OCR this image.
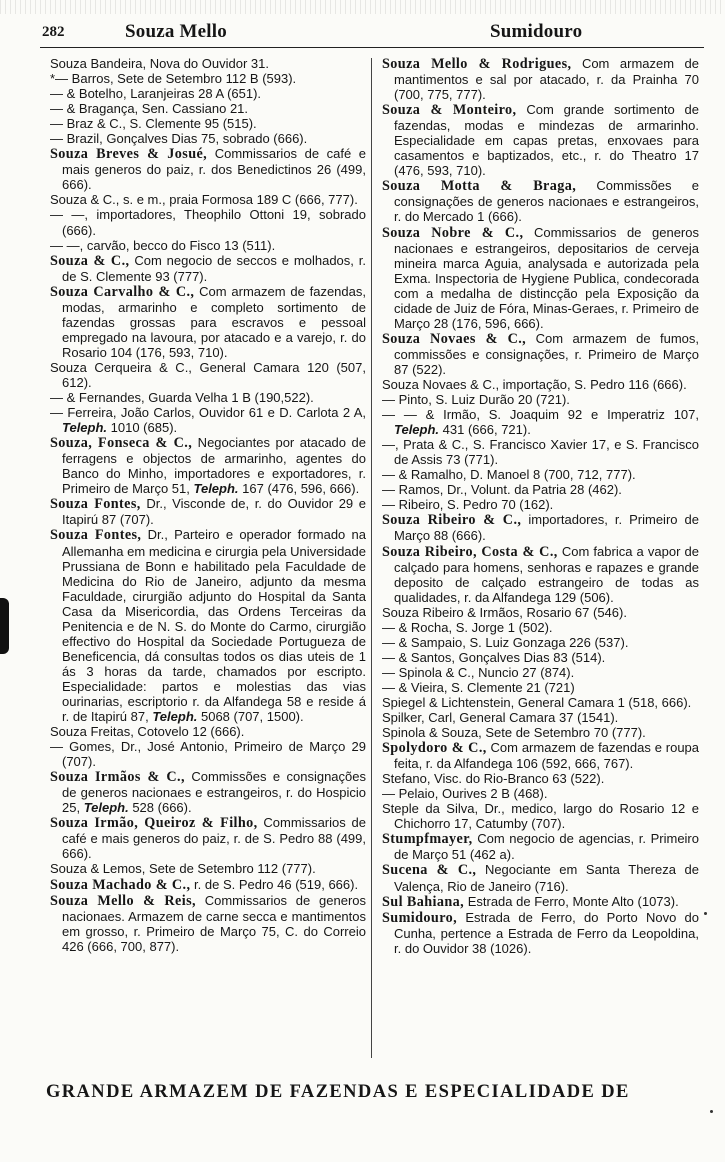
282	Souza Mello	Sumidouro

Souza Bandeira, Nova do Ouvidor 31.

*— Barros, Sete de Setembro 112 B (593).

— & Botelho, Laranjeiras 28 A (651).

— & Bragança, Sen. Cassiano 21.

— Braz & C., S. Clemente 95 (515).

— Brazil, Gonçalves Dias 75, sobrado (666).

Souza Breves & Josué, Commissarios de café e mais generos do paiz, r. dos Benedictinos 26 (499, 666).

Souza & C., s. e m., praia Formosa 189 C (666, 777).

— —, importadores, Theophilo Ottoni 19, sobrado (666).

— —, carvão, becco do Fisco 13 (511).

Souza & C., Com negocio de seccos e molhados, r. de S. Clemente 93 (777).

Souza Carvalho & C., Com armazem de fazendas, modas, armarinho e completo sortimento de fazendas grossas para escravos e pessoal empregado na lavoura, por atacado e a varejo, r. do Rosario 104 (176, 593, 710).

Souza Cerqueira & C., General Camara 120 (507, 612).

— & Fernandes, Guarda Velha 1 B (190,522).

— Ferreira, João Carlos, Ouvidor 61 e D. Carlota 2 A, Teleph. 1010 (685).

Souza, Fonseca & C., Negociantes por atacado de ferragens e objectos de armarinho, agentes do Banco do Minho, importadores e exportadores, r. Primeiro de Março 51, Teleph. 167 (476, 596, 666).

Souza Fontes, Dr., Visconde de, r. do Ouvidor 29 e Itapirú 87 (707).

Souza Fontes, Dr., Parteiro e operador formado na Allemanha em medicina e cirurgia pela Universidade Prussiana de Bonn e habilitado pela Faculdade de Medicina do Rio de Janeiro, adjunto da mesma Faculdade, cirurgião adjunto do Hospital da Santa Casa da Misericordia, das Ordens Terceiras da Penitencia e de N. S. do Monte do Carmo, cirurgião effectivo do Hospital da Sociedade Portugueza de Beneficencia, dá consultas todos os dias uteis de 1 ás 3 horas da tarde, chamados por escripto. Especialidade: partos e molestias das vias ourinarias, escriptorio r. da Alfandega 58 e reside á r. de Itapirú 87, Teleph. 5068 (707, 1500).

Souza Freitas, Cotovelo 12 (666).

— Gomes, Dr., José Antonio, Primeiro de Março 29 (707).

Souza Irmãos & C., Commissões e consignações de generos nacionaes e estrangeiros, r. do Hospicio 25, Teleph. 528 (666).

Souza Irmão, Queiroz & Filho, Commissarios de café e mais generos do paiz, r. de S. Pedro 88 (499, 666).

Souza & Lemos, Sete de Setembro 112 (777).

Souza Machado & C., r. de S. Pedro 46 (519, 666).

Souza Mello & Reis, Commissarios de generos nacionaes. Armazem de carne secca e mantimentos em grosso, r. Primeiro de Março 75, C. do Correio 426 (666, 700, 877).

Souza Mello & Rodrigues, Com armazem de mantimentos e sal por atacado, r. da Prainha 70 (700, 775, 777).

Souza & Monteiro, Com grande sortimento de fazendas, modas e mindezas de armarinho. Especialidade em capas pretas, enxovaes para casamentos e baptizados, etc., r. do Theatro 17 (476, 593, 710).

Souza Motta & Braga, Commissões e consignações de generos nacionaes e estrangeiros, r. do Mercado 1 (666).

Souza Nobre & C., Commissarios de generos nacionaes e estrangeiros, depositarios de cerveja mineira marca Aguia, analysada e autorizada pela Exma. Inspectoria de Hygiene Publica, condecorada com a medalha de distincção pela Exposição da cidade de Juiz de Fóra, Minas-Geraes, r. Primeiro de Março 28 (176, 596, 666).

Souza Novaes & C., Com armazem de fumos, commissões e consignações, r. Primeiro de Março 87 (522).

Souza Novaes & C., importação, S. Pedro 116 (666).

— Pinto, S. Luiz Durão 20 (721).

— — & Irmão, S. Joaquim 92 e Imperatriz 107, Teleph. 431 (666, 721).

—, Prata & C., S. Francisco Xavier 17, e S. Francisco de Assis 73 (771).

— & Ramalho, D. Manoel 8 (700, 712, 777).

— Ramos, Dr., Volunt. da Patria 28 (462).

— Ribeiro, S. Pedro 70 (162).

Souza Ribeiro & C., importadores, r. Primeiro de Março 88 (666).

Souza Ribeiro, Costa & C., Com fabrica a vapor de calçado para homens, senhoras e rapazes e grande deposito de calçado estrangeiro de todas as qualidades, r. da Alfandega 129 (506).

Souza Ribeiro & Irmãos, Rosario 67 (546).

— & Rocha, S. Jorge 1 (502).

— & Sampaio, S. Luiz Gonzaga 226 (537).

— & Santos, Gonçalves Dias 83 (514).

— Spinola & C., Nuncio 27 (874).

— & Vieira, S. Clemente 21 (721)

Spiegel & Lichtenstein, General Camara 1 (518, 666).

Spilker, Carl, General Camara 37 (1541).

Spinola & Souza, Sete de Setembro 70 (777).

Spolydoro & C., Com armazem de fazendas e roupa feita, r. da Alfandega 106 (592, 666, 767).

Stefano, Visc. do Rio-Branco 63 (522).

— Pelaio, Ourives 2 B (468).

Steple da Silva, Dr., medico, largo do Rosario 12 e Chichorro 17, Catumby (707).

Stumpfmayer, Com negocio de agencias, r. Primeiro de Março 51 (462 a).

Sucena & C., Negociante em Santa Thereza de Valença, Rio de Janeiro (716).

Sul Bahiana, Estrada de Ferro, Monte Alto (1073).

Sumidouro, Estrada de Ferro, do Porto Novo do Cunha, pertence a Estrada de Ferro da Leopoldina, r. do Ouvidor 38 (1026).

GRANDE ARMAZEM DE FAZENDAS E ESPECIALIDADE DE
